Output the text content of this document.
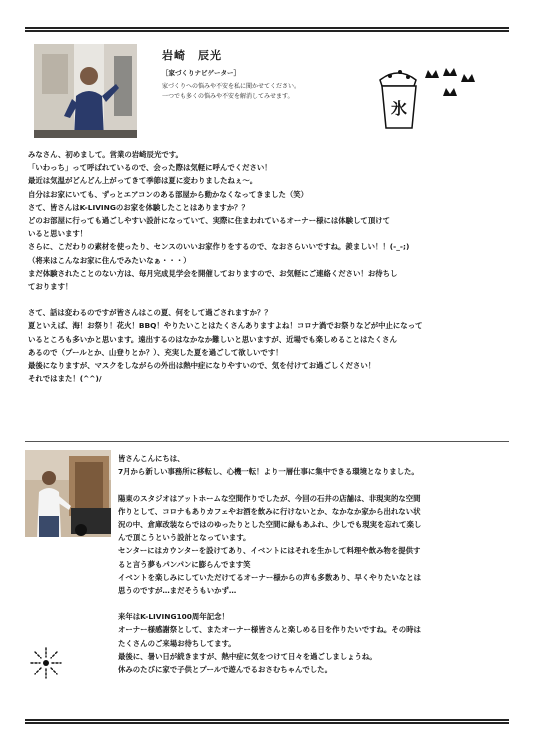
岩崎　辰光
［家づくりナビゲーター］
家づくりへの悩みや不安を私に聞かせてください。
一つでも多くの悩みや不安を解消してみせます。
氷
みなさん、初めまして。営業の岩崎辰光です。
「いわっち」って呼ばれているので、会った際は気軽に呼んでください！
最近は気温がどんどん上がってきて季節は夏に変わりましたねぇ～。
自分はお家にいても、ずっとエアコンのある部屋から動かなくなってきました（笑）
さて、皆さんはK-LIVINGのお家を体験したことはありますか？？
どのお部屋に行っても過ごしやすい設計になっていて、実際に住まわれているオーナー様には体験して頂けて
いると思います！
さらに、こだわりの素材を使ったり、センスのいいお家作りをするので、なおさらいいですね。羨ましい！！(-_-;)
（将来はこんなお家に住んでみたいなぁ・・・）
まだ体験されたことのない方は、毎月完成見学会を開催しておりますので、お気軽にご連絡ください！お待ちし
ております！
さて、話は変わるのですが皆さんはこの夏、何をして過ごされますか？？
夏といえば、海！お祭り！花火！BBQ！やりたいことはたくさんありますよね！コロナ渦でお祭りなどが中止になって
いるところも多いかと思います。遠出するのはなかなか難しいと思いますが、近場でも楽しめることはたくさん
あるので（プールとか、山登りとか？）、充実した夏を過ごして欲しいです！
最後になりますが、マスクをしながらの外出は熱中症になりやすいので、気を付けてお過ごしください！
それではまた！(^^)/
皆さんこんにちは、
7月から新しい事務所に移転し、心機一転！より一層仕事に集中できる環境となりました。
陽東のスタジオはアットホームな空間作りでしたが、今回の石井の店舗は、非現実的な空間
作りとして、コロナもありカフェやお酒を飲みに行けないとか、なかなか家から出れない状
況の中、倉庫改装ならではのゆったりとした空間に緑もあふれ、少しでも現実を忘れて楽し
んで頂こうという設計となっています。
センターにはカウンターを設けてあり、イベントにはそれを生かして料理や飲み物を提供す
ると言う夢もパンパンに膨らんでます笑
イベントを楽しみにしていただけてるオーナー様からの声も多数あり、早くやりたいなとは
思うのですが…まだそうもいかず…
来年はK-LIVING100周年記念！
オーナー様感謝祭として、またオーナー様皆さんと楽しめる日を作りたいですね。その時は
たくさんのご来場お待ちしてます。
最後に、暑い日が続きますが、熱中症に気をつけて日々を過ごしましょうね。
休みのたびに家で子供とプールで遊んでるおさむちゃんでした。
